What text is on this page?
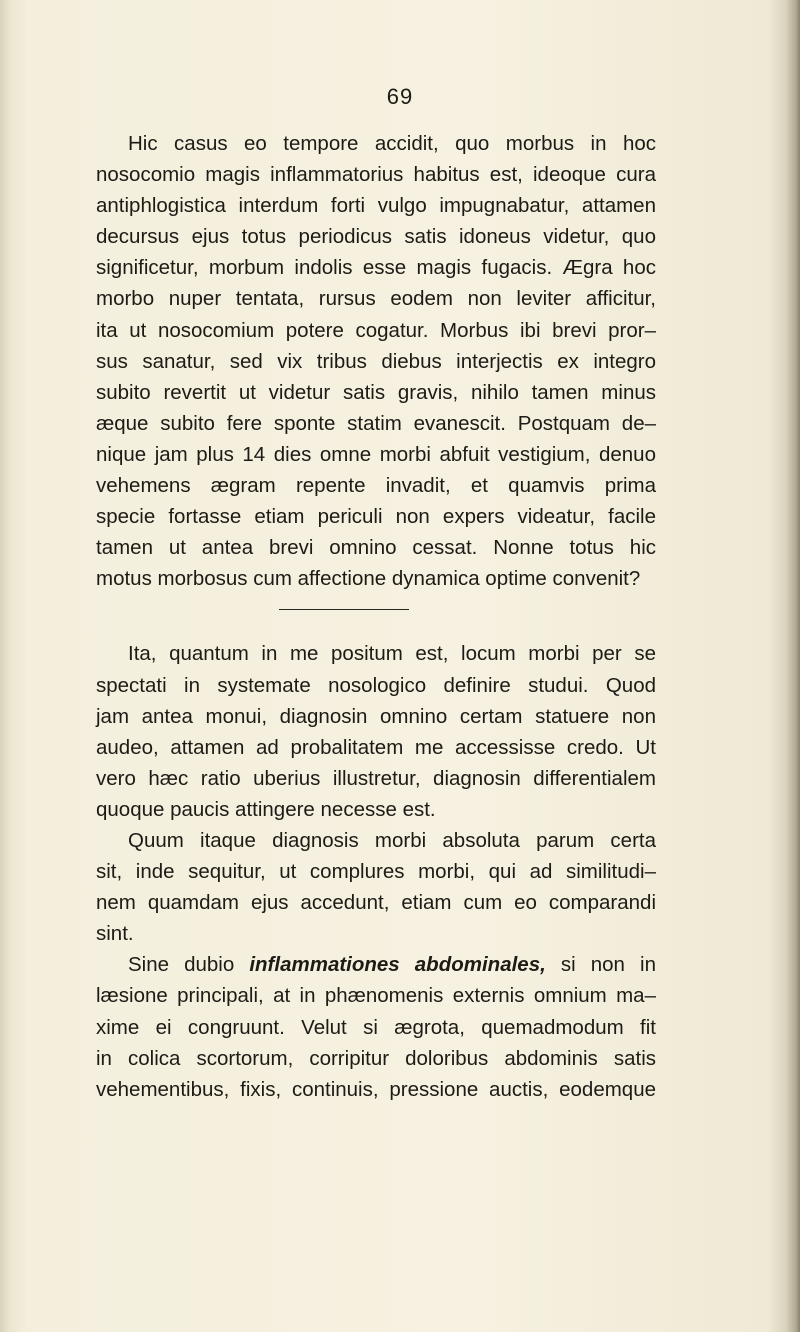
69
Hic casus eo tempore accidit, quo morbus in hoc
nosocomio magis inflammatorius habitus est, ideoque cura
antiphlogistica interdum forti vulgo impugnabatur, attamen
decursus ejus totus periodicus satis idoneus videtur, quo
significetur, morbum indolis esse magis fugacis. Ægra hoc
morbo nuper tentata, rursus eodem non leviter afficitur,
ita ut nosocomium potere cogatur. Morbus ibi brevi pror–
sus sanatur, sed vix tribus diebus interjectis ex integro
subito revertit ut videtur satis gravis, nihilo tamen minus
æque subito fere sponte statim evanescit. Postquam de–
nique jam plus 14 dies omne morbi abfuit vestigium, denuo
vehemens ægram repente invadit, et quamvis prima
specie fortasse etiam periculi non expers videatur, facile
tamen ut antea brevi omnino cessat. Nonne totus hic
motus morbosus cum affectione dynamica optime convenit?
Ita, quantum in me positum est, locum morbi per se
spectati in systemate nosologico definire studui. Quod
jam antea monui, diagnosin omnino certam statuere non
audeo, attamen ad probalitatem me accessisse credo. Ut
vero hæc ratio uberius illustretur, diagnosin differentialem
quoque paucis attingere necesse est.
Quum itaque diagnosis morbi absoluta parum certa
sit, inde sequitur, ut complures morbi, qui ad similitudi–
nem quamdam ejus accedunt, etiam cum eo comparandi
sint.
Sine dubio inflammationes abdominales, si non in
læsione principali, at in phænomenis externis omnium ma–
xime ei congruunt. Velut si ægrota, quemadmodum fit
in colica scortorum, corripitur doloribus abdominis satis
vehementibus, fixis, continuis, pressione auctis, eodemque
